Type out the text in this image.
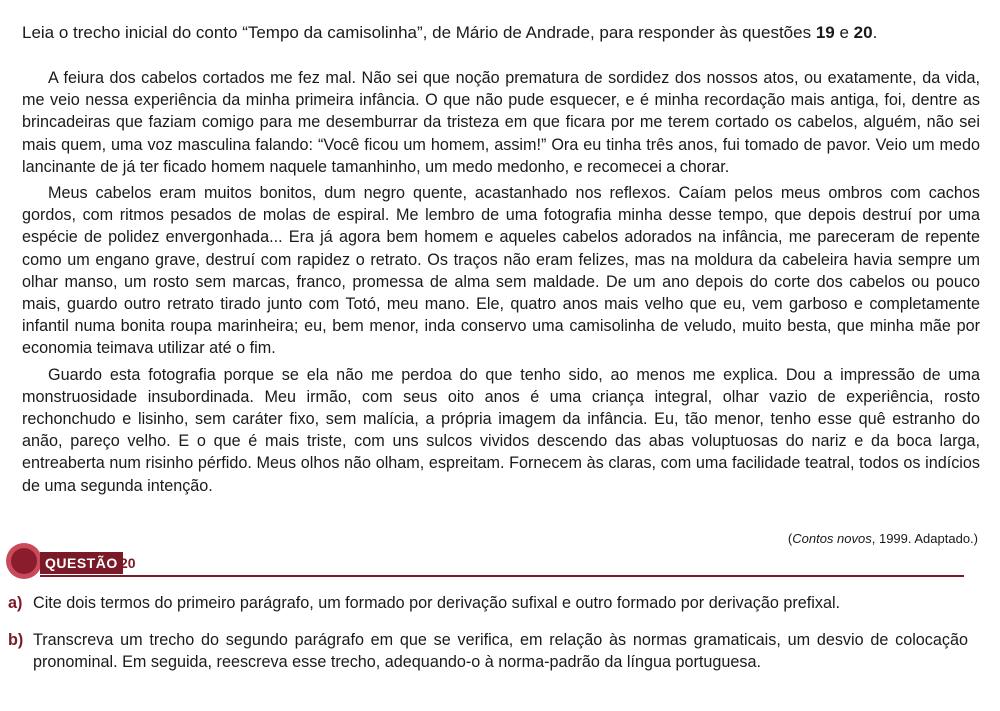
Leia o trecho inicial do conto “Tempo da camisolinha”, de Mário de Andrade, para responder às questões 19 e 20.

A feiura dos cabelos cortados me fez mal. Não sei que noção prematura de sordidez dos nossos atos, ou exatamente, da vida, me veio nessa experiência da minha primeira infância. O que não pude esquecer, e é minha recordação mais antiga, foi, dentre as brincadeiras que faziam comigo para me desemburrar da tristeza em que ficara por me terem cortado os cabelos, alguém, não sei mais quem, uma voz masculina falando: “Você ficou um homem, assim!” Ora eu tinha três anos, fui tomado de pavor. Veio um medo lancinante de já ter ficado homem naquele tamanhinho, um medo medonho, e recomecei a chorar.

Meus cabelos eram muitos bonitos, dum negro quente, acastanhado nos reflexos. Caíam pelos meus ombros com cachos gordos, com ritmos pesados de molas de espiral. Me lembro de uma fotografia minha desse tempo, que depois destruí por uma espécie de polidez envergonhada... Era já agora bem homem e aqueles cabelos adorados na infância, me pareceram de repente como um engano grave, destruí com rapidez o retrato. Os traços não eram felizes, mas na moldura da cabeleira havia sempre um olhar manso, um rosto sem marcas, franco, promessa de alma sem maldade. De um ano depois do corte dos cabelos ou pouco mais, guardo outro retrato tirado junto com Totó, meu mano. Ele, quatro anos mais velho que eu, vem garboso e completamente infantil numa bonita roupa marinheira; eu, bem menor, inda conservo uma camisolinha de veludo, muito besta, que minha mãe por economia teimava utilizar até o fim.

Guardo esta fotografia porque se ela não me perdoa do que tenho sido, ao menos me explica. Dou a impressão de uma monstruosidade insubordinada. Meu irmão, com seus oito anos é uma criança integral, olhar vazio de experiência, rosto rechonchudo e lisinho, sem caráter fixo, sem malícia, a própria imagem da infância. Eu, tão menor, tenho esse quê estranho do anão, pareço velho. E o que é mais triste, com uns sulcos vividos descendo das abas voluptuosas do nariz e da boca larga, entreaberta num risinho pérfido. Meus olhos não olham, espreitam. Fornecem às claras, com uma facilidade teatral, todos os indícios de uma segunda intenção.

(Contos novos, 1999. Adaptado.)
QUESTÃO 20
a) Cite dois termos do primeiro parágrafo, um formado por derivação sufixal e outro formado por derivação prefixal.
b) Transcreva um trecho do segundo parágrafo em que se verifica, em relação às normas gramaticais, um desvio de colocação pronominal. Em seguida, reescreva esse trecho, adequando-o à norma-padrão da língua portuguesa.
